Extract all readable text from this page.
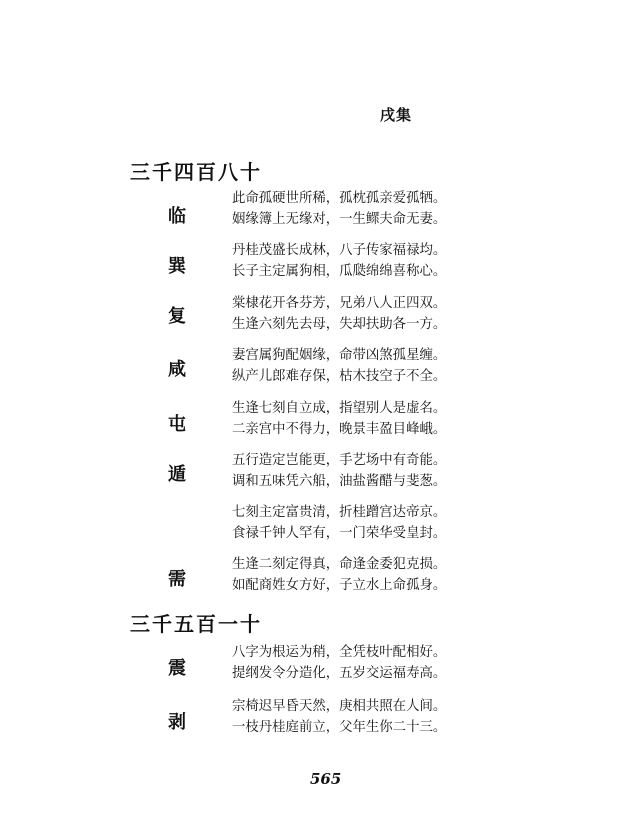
戌集
三千四百八十
临
巽
复
咸
屯
遁
需
此命孤硬世所稀，孤枕孤亲爱孤牺。
姻缘簿上无缘对，一生鳏夫命无妻。
丹桂茂盛长成林，八子传家福禄均。
长子主定属狗相，瓜瓞绵绵喜称心。
棠棣花开各芬芳，兄弟八人正四双。
生逢六刻先去母，失却扶助各一方。
妻宫属狗配姻缘，命带凶煞孤星缠。
纵产儿郎难存保，枯木技空子不全。
生逢七刻自立成，指望别人是虚名。
二亲宫中不得力，晚景丰盈目峰峨。
五行造定岂能更，手艺场中有奇能。
调和五味凭六船，油盐酱醋与斐葱。
七刻主定富贵清，折桂蹭宫达帝京。
食禄千钟人罕有，一门荣华受皇封。
生逢二刻定得真，命逢金委犯克损。
如配商姓女方好，子立水上命孤身。
三千五百一十
震
剥
八字为根运为稍，全凭枝叶配相好。
提纲发令分造化，五岁交运福寿高。
宗椅迟早昏天然，庚相共照在人间。
一枝丹桂庭前立，父年生你二十三。
565
